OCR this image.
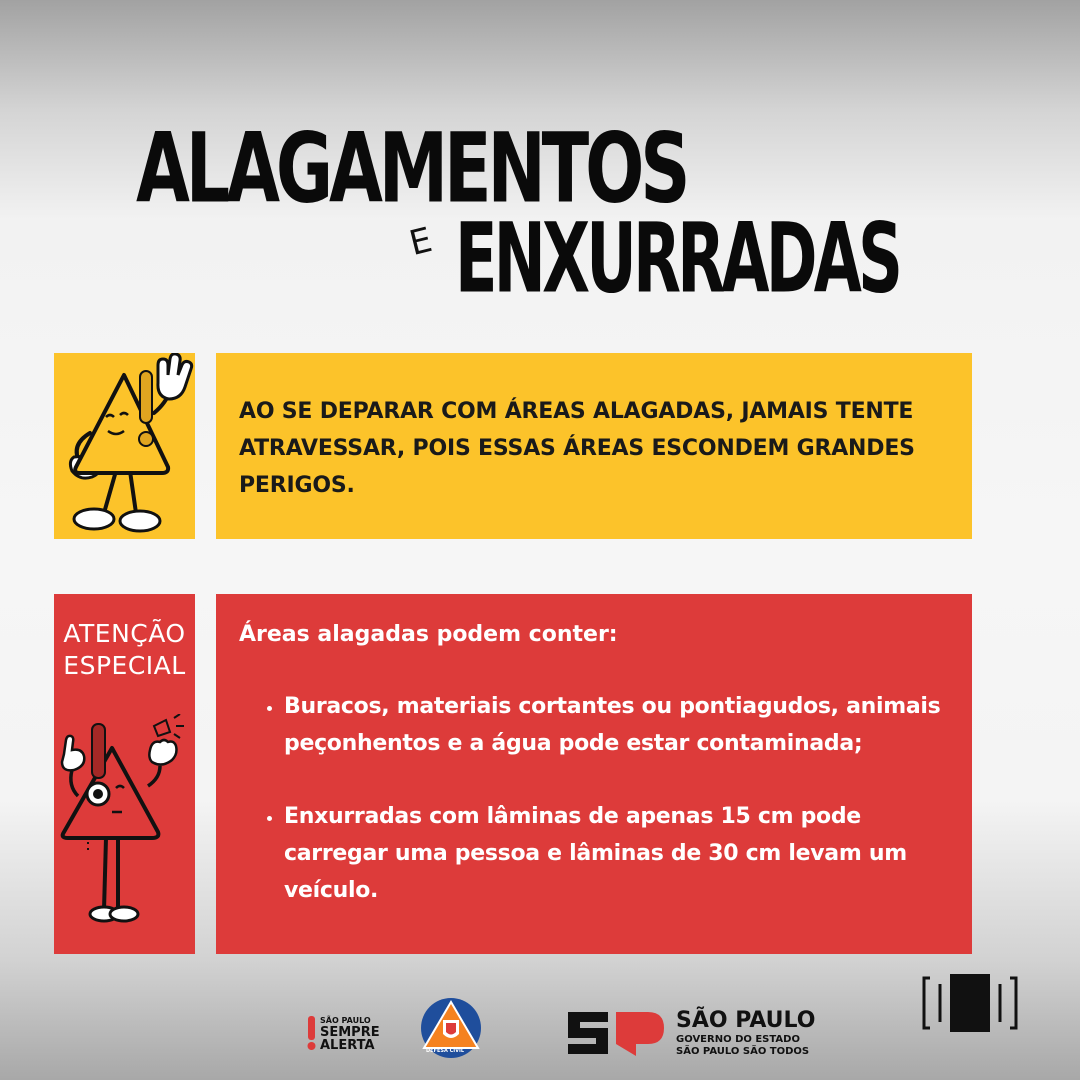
ALAGAMENTOS
E ENXURRADAS

AO SE DEPARAR COM ÁREAS ALAGADAS, JAMAIS TENTE ATRAVESSAR, POIS ESSAS ÁREAS ESCONDEM GRANDES PERIGOS.

ATENÇÃO
ESPECIAL

Áreas alagadas podem conter:

• Buracos, materiais cortantes ou pontiagudos, animais peçonhentos e a água pode estar contaminada;
• Enxurradas com lâminas de apenas 15 cm pode carregar uma pessoa e lâminas de 30 cm levam um veículo.
SÃO PAULO
SEMPRE
ALERTA	DEFESA CIVIL
SÃO PAULO
GOVERNO DO ESTADO
SÃO PAULO SÃO TODOS
